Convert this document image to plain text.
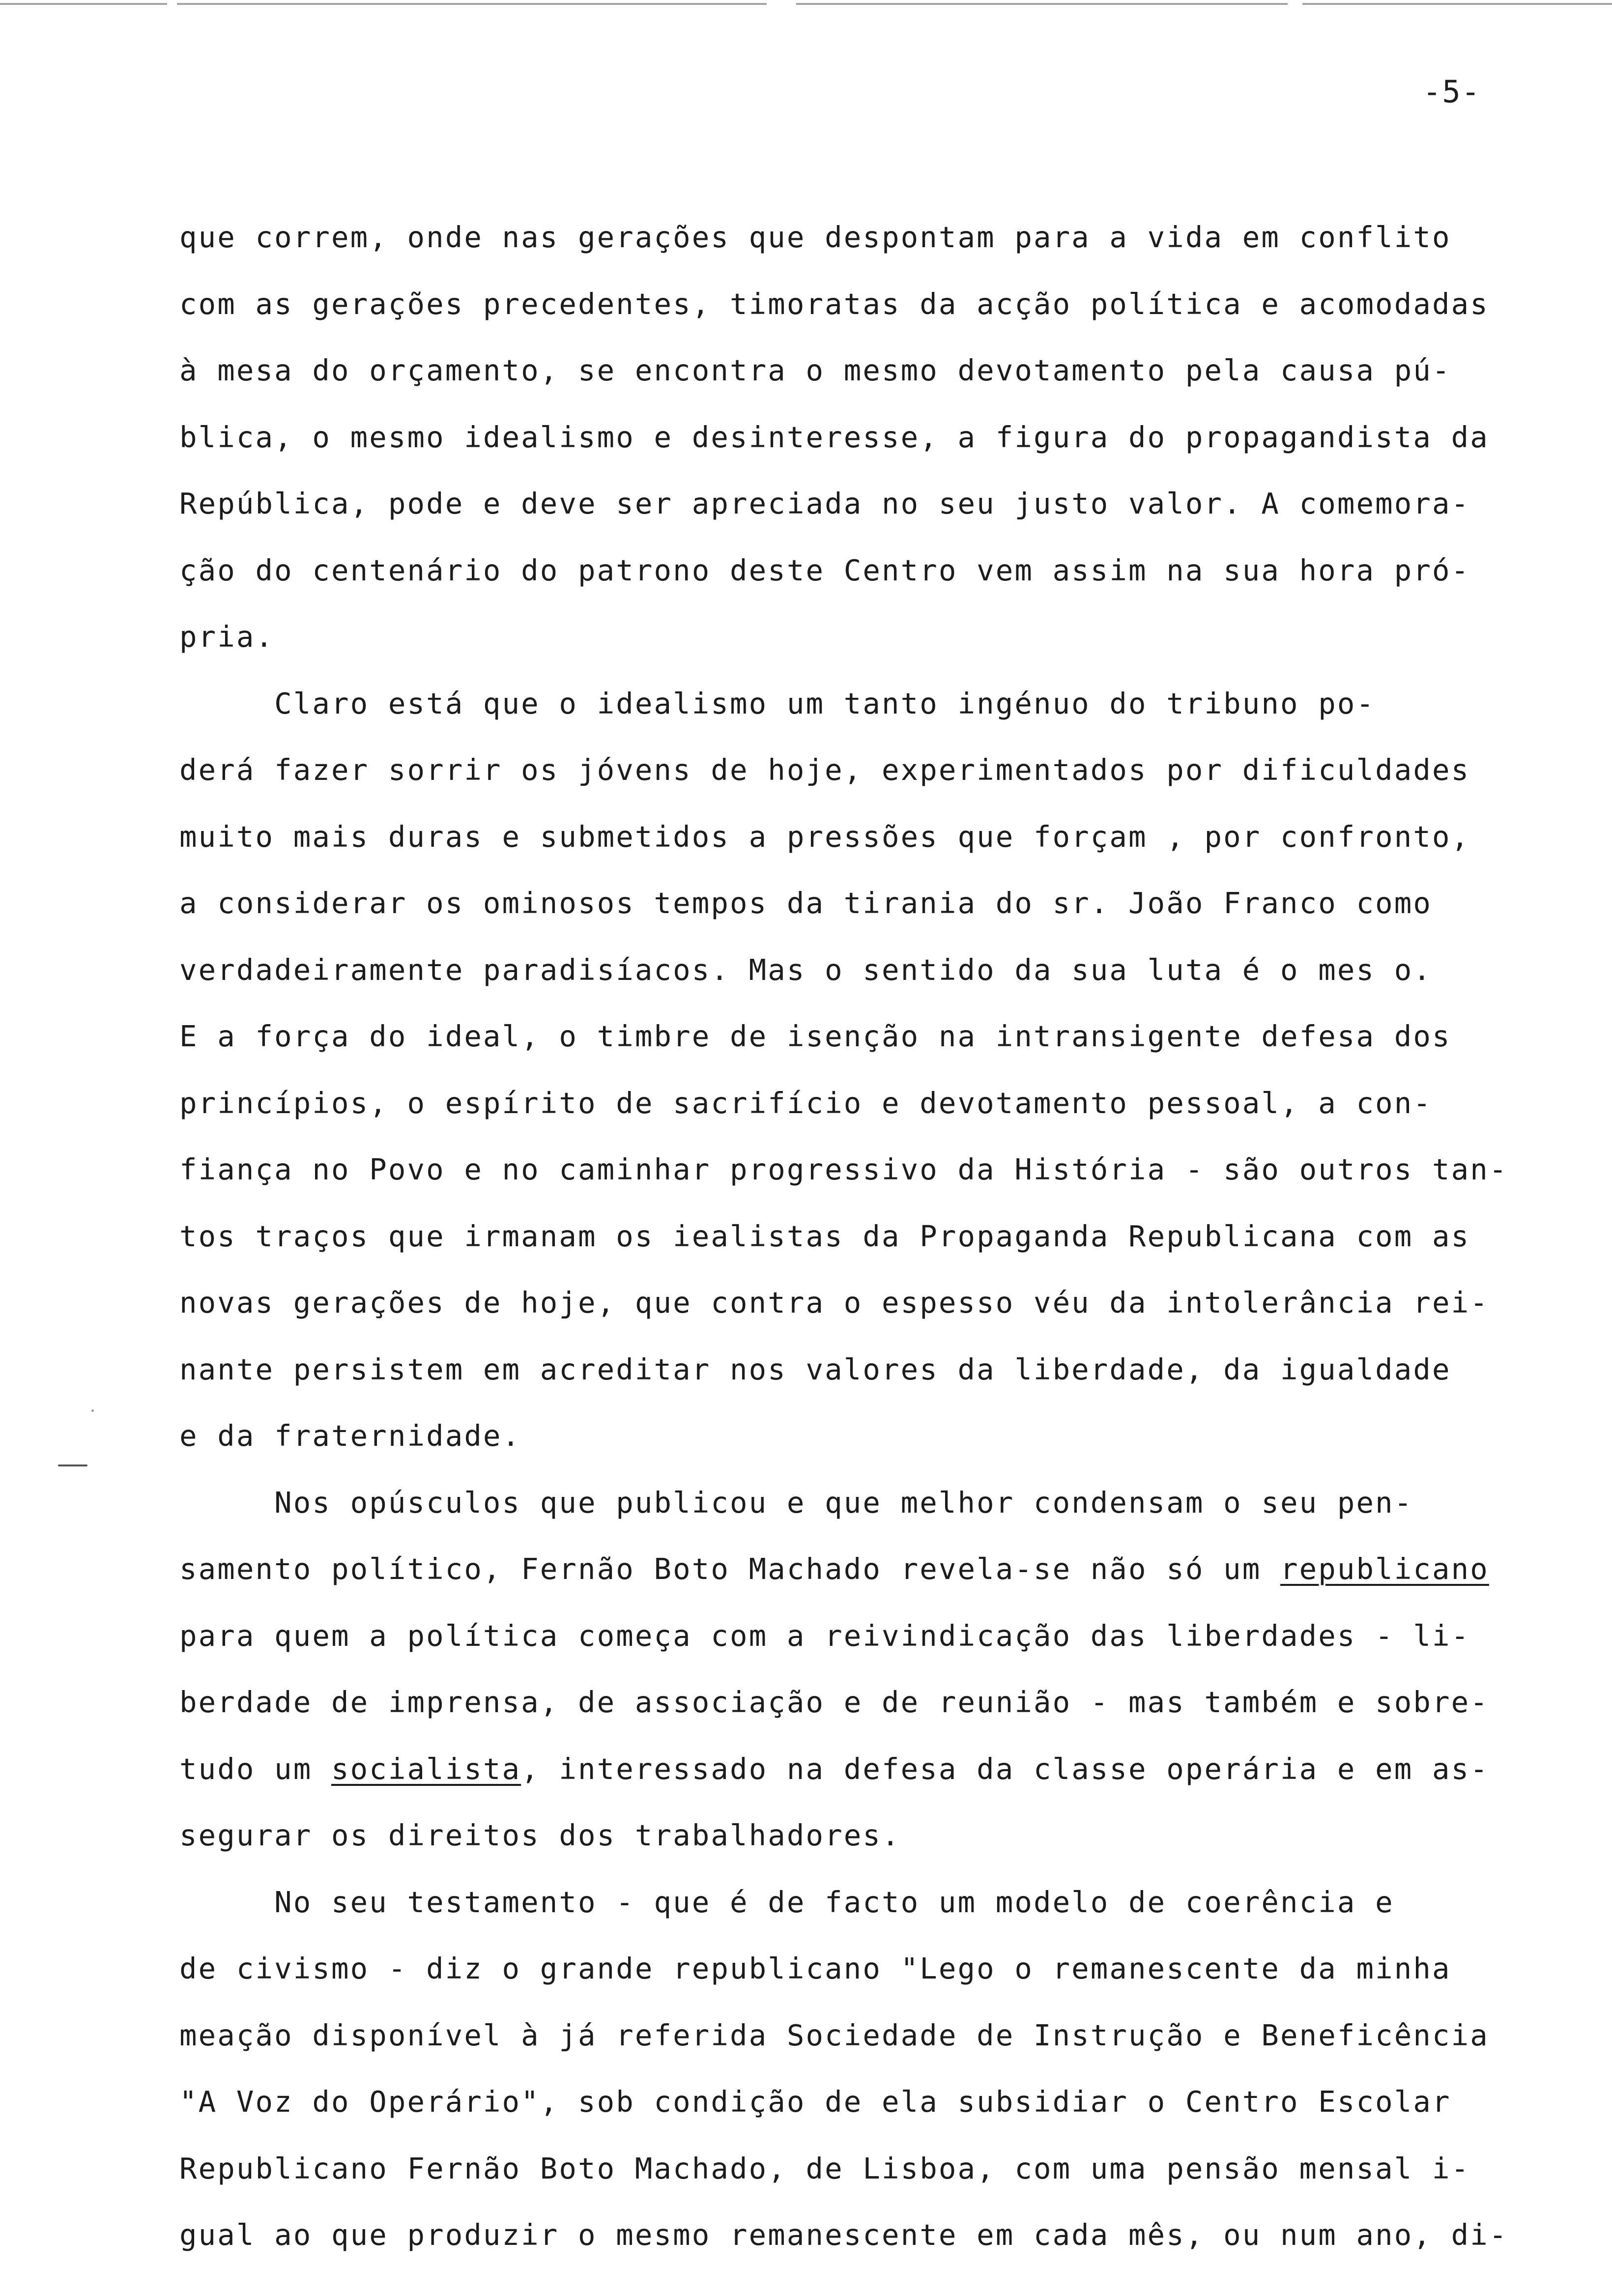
-5-
que correm, onde nas gerações que despontam para a vida em conflito
com as gerações precedentes, timoratas da acção política e acomodadas
à mesa do orçamento, se encontra o mesmo devotamento pela causa pú-
blica, o mesmo idealismo e desinteresse, a figura do propagandista da
República, pode e deve ser apreciada no seu justo valor. A comemora-
ção do centenário do patrono deste Centro vem assim na sua hora pró-
pria.
Claro está que o idealismo um tanto ingénuo do tribuno po-
derá fazer sorrir os jóvens de hoje, experimentados por dificuldades
muito mais duras e submetidos a pressões que forçam , por confronto,
a considerar os ominosos tempos da tirania do sr. João Franco como
verdadeiramente paradisíacos. Mas o sentido da sua luta é o mes o.
E a força do ideal, o timbre de isenção na intransigente defesa dos
princípios, o espírito de sacrifício e devotamento pessoal, a con-
fiança no Povo e no caminhar progressivo da História - são outros tan-
tos traços que irmanam os iealistas da Propaganda Republicana com as
novas gerações de hoje, que contra o espesso véu da intolerância rei-
nante persistem em acreditar nos valores da liberdade, da igualdade
e da fraternidade.
Nos opúsculos que publicou e que melhor condensam o seu pen-
samento político, Fernão Boto Machado revela-se não só um republicano
para quem a política começa com a reivindicação das liberdades - li-
berdade de imprensa, de associação e de reunião - mas também e sobre-
tudo um socialista, interessado na defesa da classe operária e em as-
segurar os direitos dos trabalhadores.
No seu testamento - que é de facto um modelo de coerência e
de civismo - diz o grande republicano "Lego o remanescente da minha
meação disponível à já referida Sociedade de Instrução e Beneficência
"A Voz do Operário", sob condição de ela subsidiar o Centro Escolar
Republicano Fernão Boto Machado, de Lisboa, com uma pensão mensal i-
gual ao que produzir o mesmo remanescente em cada mês, ou num ano, di-
